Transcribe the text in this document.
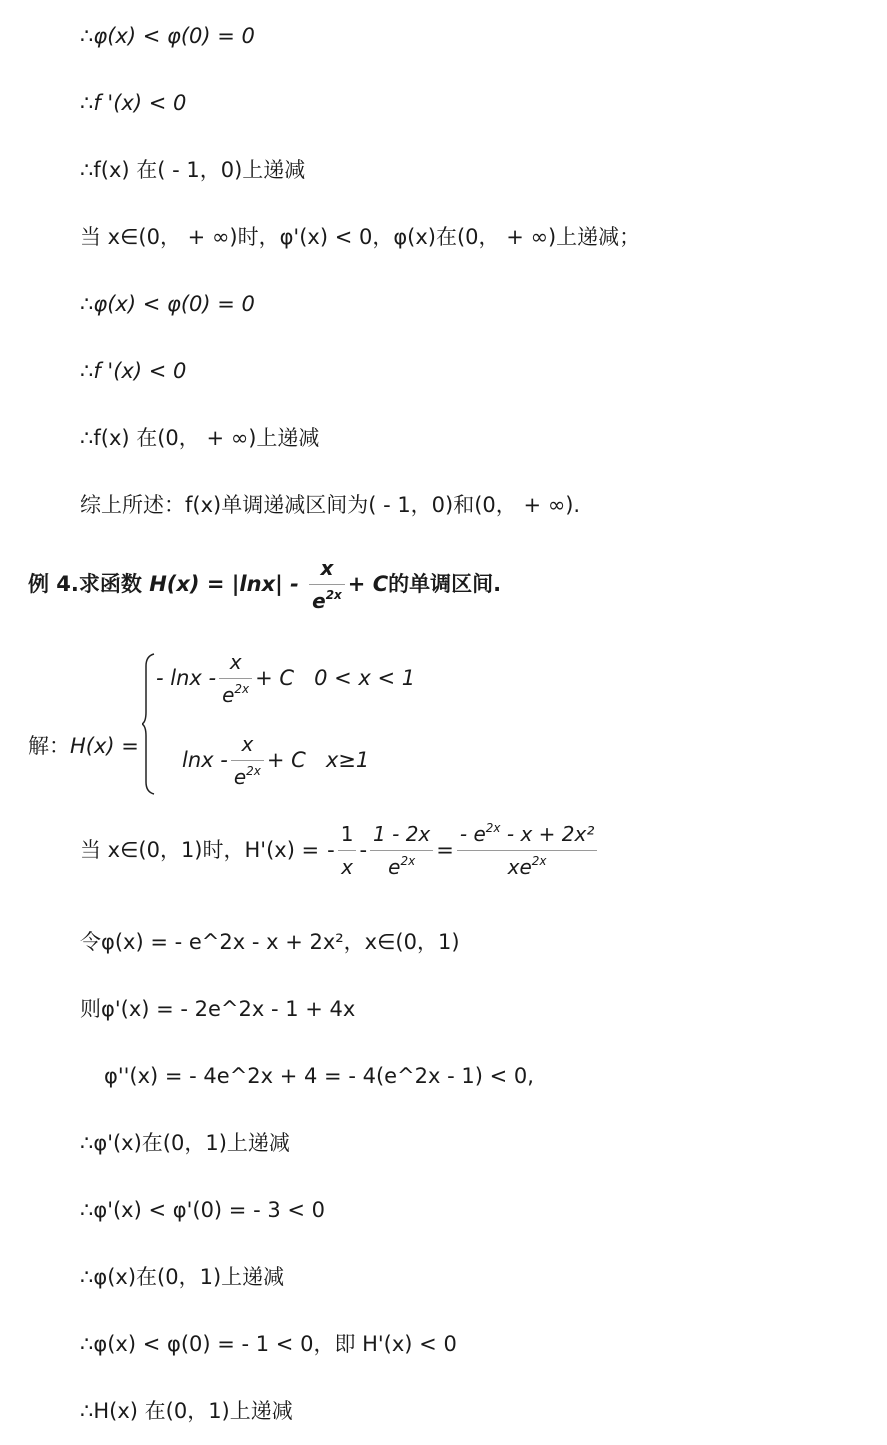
∴φ(x) < φ(0) = 0
∴f '(x) < 0
∴f(x) 在( - 1，0)上递减
当 x∈(0， + ∞)时，φ'(x) < 0，φ(x)在(0， + ∞)上递减；
∴φ(x) < φ(0) = 0
∴f '(x) < 0
∴f(x) 在(0， + ∞)上递减
综上所述：f(x)单调递减区间为( - 1，0)和(0， + ∞).
例 4.求函数 $H(x) = |\ln x| - \frac{x}{e^{2x}} + C$的单调区间.
解：H(x) =
- $\ln x - \frac{x}{e^{2x}} + C$ 0 < x < 1
$\ln x - \frac{x}{e^{2x}} + C$ x≥1
当 x∈(0，1)时，H'(x) = - $\frac{1}{x} - \frac{1 - 2x}{e^{2x}} = \frac{- e^{2x} - x + 2x^2}{xe^{2x}}$
令φ(x) = - e^2x - x + 2x²，x∈(0，1)
则φ'(x) = - 2e^2x - 1 + 4x
φ''(x) = - 4e^2x + 4 = - 4(e^2x - 1) < 0,
∴φ'(x)在(0，1)上递减
∴φ'(x) < φ'(0) = - 3 < 0
∴φ(x)在(0，1)上递减
∴φ(x) < φ(0) = - 1 < 0，即 H'(x) < 0
∴H(x) 在(0，1)上递减
